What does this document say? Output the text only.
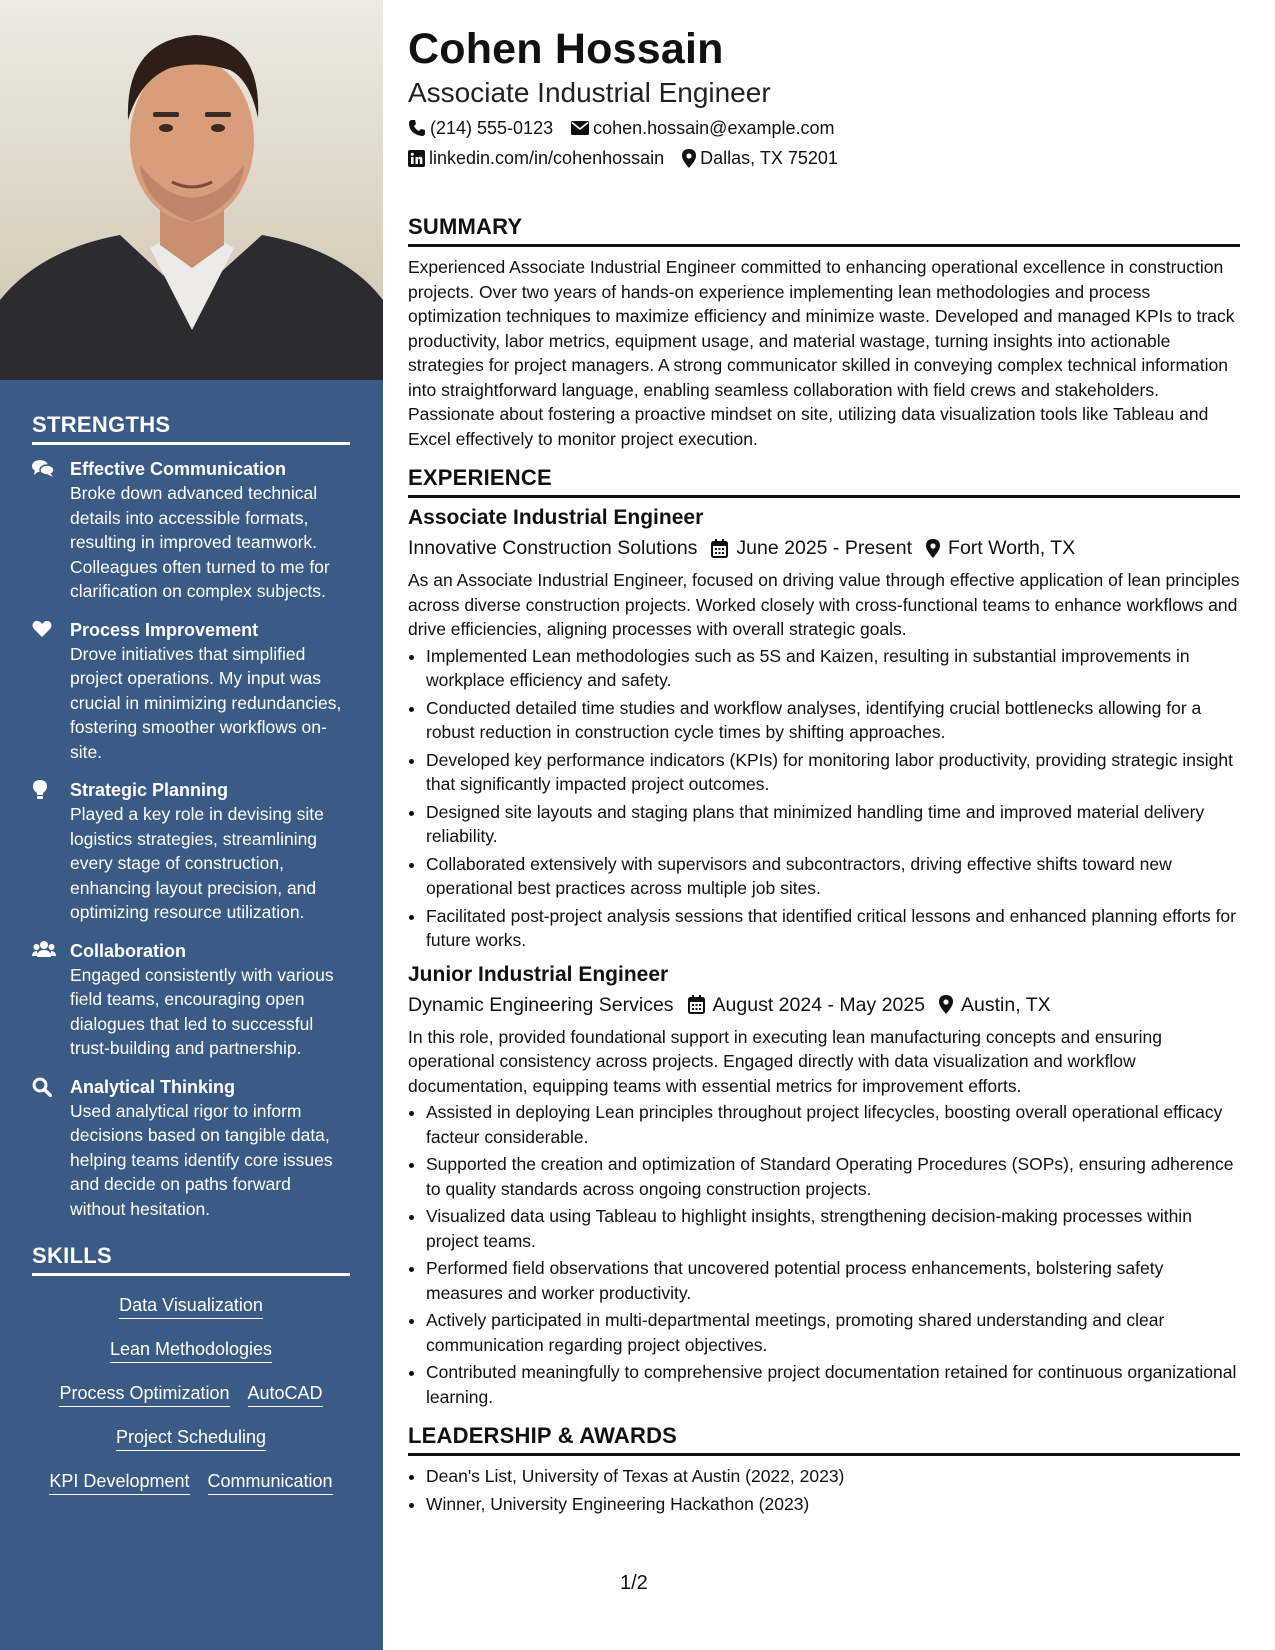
STRENGTHS
Effective Communication
Broke down advanced technical details into accessible formats, resulting in improved teamwork. Colleagues often turned to me for clarification on complex subjects.
Process Improvement
Drove initiatives that simplified project operations. My input was crucial in minimizing redundancies, fostering smoother workflows on-site.
Strategic Planning
Played a key role in devising site logistics strategies, streamlining every stage of construction, enhancing layout precision, and optimizing resource utilization.
Collaboration
Engaged consistently with various field teams, encouraging open dialogues that led to successful trust-building and partnership.
Analytical Thinking
Used analytical rigor to inform decisions based on tangible data, helping teams identify core issues and decide on paths forward without hesitation.
SKILLS
Data Visualization
Lean Methodologies
Process Optimization AutoCAD
Project Scheduling
KPI Development Communication
Cohen Hossain
Associate Industrial Engineer
(214) 555-0123 cohen.hossain@example.com
linkedin.com/in/cohenhossain Dallas, TX 75201
SUMMARY
Experienced Associate Industrial Engineer committed to enhancing operational excellence in construction projects. Over two years of hands-on experience implementing lean methodologies and process optimization techniques to maximize efficiency and minimize waste. Developed and managed KPIs to track productivity, labor metrics, equipment usage, and material wastage, turning insights into actionable strategies for project managers. A strong communicator skilled in conveying complex technical information into straightforward language, enabling seamless collaboration with field crews and stakeholders. Passionate about fostering a proactive mindset on site, utilizing data visualization tools like Tableau and Excel effectively to monitor project execution.
EXPERIENCE
Associate Industrial Engineer
Innovative Construction Solutions June 2025 - Present Fort Worth, TX
As an Associate Industrial Engineer, focused on driving value through effective application of lean principles across diverse construction projects. Worked closely with cross-functional teams to enhance workflows and drive efficiencies, aligning processes with overall strategic goals.
• Implemented Lean methodologies such as 5S and Kaizen, resulting in substantial improvements in workplace efficiency and safety.
• Conducted detailed time studies and workflow analyses, identifying crucial bottlenecks allowing for a robust reduction in construction cycle times by shifting approaches.
• Developed key performance indicators (KPIs) for monitoring labor productivity, providing strategic insight that significantly impacted project outcomes.
• Designed site layouts and staging plans that minimized handling time and improved material delivery reliability.
• Collaborated extensively with supervisors and subcontractors, driving effective shifts toward new operational best practices across multiple job sites.
• Facilitated post-project analysis sessions that identified critical lessons and enhanced planning efforts for future works.
Junior Industrial Engineer
Dynamic Engineering Services August 2024 - May 2025 Austin, TX
In this role, provided foundational support in executing lean manufacturing concepts and ensuring operational consistency across projects. Engaged directly with data visualization and workflow documentation, equipping teams with essential metrics for improvement efforts.
• Assisted in deploying Lean principles throughout project lifecycles, boosting overall operational efficacy facteur considerable.
• Supported the creation and optimization of Standard Operating Procedures (SOPs), ensuring adherence to quality standards across ongoing construction projects.
• Visualized data using Tableau to highlight insights, strengthening decision-making processes within project teams.
• Performed field observations that uncovered potential process enhancements, bolstering safety measures and worker productivity.
• Actively participated in multi-departmental meetings, promoting shared understanding and clear communication regarding project objectives.
• Contributed meaningfully to comprehensive project documentation retained for continuous organizational learning.
LEADERSHIP & AWARDS
• Dean's List, University of Texas at Austin (2022, 2023)
• Winner, University Engineering Hackathon (2023)
1/2
